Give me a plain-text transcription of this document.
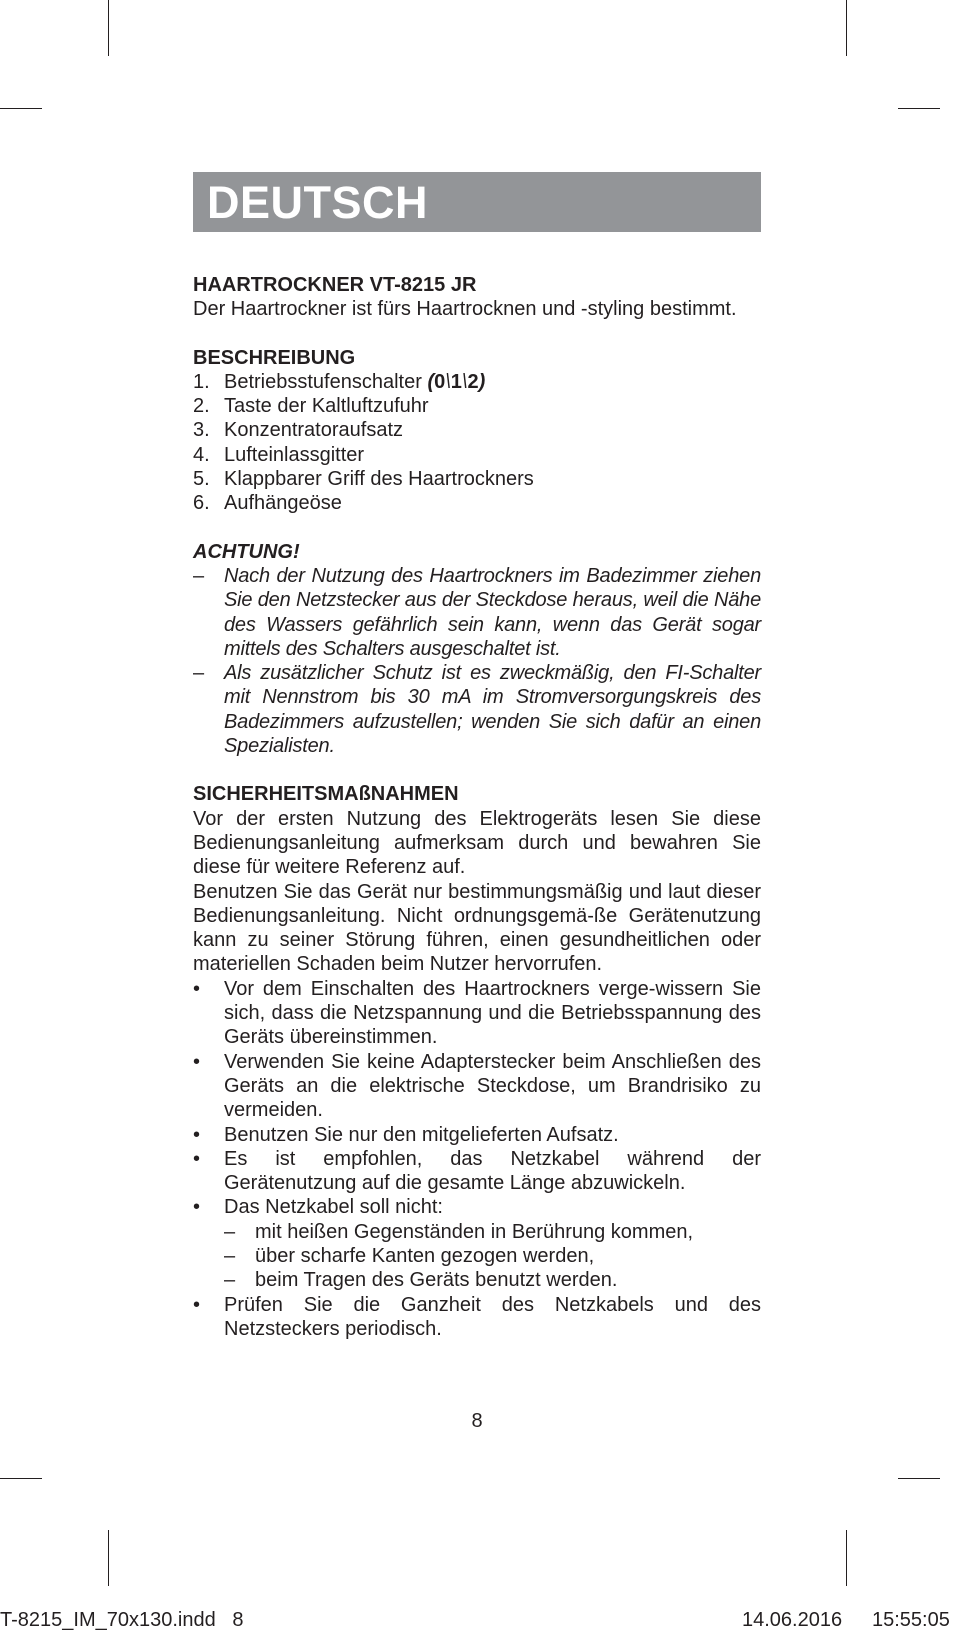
DEUTSCH
HAARTROCKNER VT-8215 JR

Der Haartrockner ist fürs Haartrocknen und -styling bestimmt.

BESCHREIBUNG
1. Betriebsstufenschalter (0\1\2)
2. Taste der Kaltluftzufuhr
3. Konzentratoraufsatz
4. Lufteinlassgitter
5. Klappbarer Griff des Haartrockners
6. Aufhängeöse
ACHTUNG!
– Nach der Nutzung des Haartrockners im Badezimmer ziehen Sie den Netzstecker aus der Steckdose heraus, weil die Nähe des Wassers gefährlich sein kann, wenn das Gerät sogar mittels des Schalters ausgeschaltet ist.
– Als zusätzlicher Schutz ist es zweckmäßig, den FI-Schalter mit Nennstrom bis 30 mA im Stromversorgungskreis des Badezimmers aufzustellen; wenden Sie sich dafür an einen Spezialisten.
SICHERHEITSMAßNAHMEN

Vor der ersten Nutzung des Elektrogeräts lesen Sie diese Bedienungsanleitung aufmerksam durch und bewahren Sie diese für weitere Referenz auf.

Benutzen Sie das Gerät nur bestimmungsmäßig und laut dieser Bedienungsanleitung. Nicht ordnungsgemä-ße Gerätenutzung kann zu seiner Störung führen, einen gesundheitlichen oder materiellen Schaden beim Nutzer hervorrufen.

•	Vor dem Einschalten des Haartrockners verge-wissern Sie sich, dass die Netzspannung und die Betriebsspannung des Geräts übereinstimmen.
•	Verwenden Sie keine Adapterstecker beim Anschließen des Geräts an die elektrische Steckdose, um Brandrisiko zu vermeiden.
•	Benutzen Sie nur den mitgelieferten Aufsatz.
•	Es ist empfohlen, das Netzkabel während der Gerätenutzung auf die gesamte Länge abzuwickeln.
•	Das Netzkabel soll nicht:
– mit heißen Gegenständen in Berührung kommen,
– über scharfe Kanten gezogen werden,
– beim Tragen des Geräts benutzt werden.
•	Prüfen Sie die Ganzheit des Netzkabels und des Netzsteckers periodisch.
8
T-8215_IM_70x130.indd   8	14.06.2016 15:55:05
